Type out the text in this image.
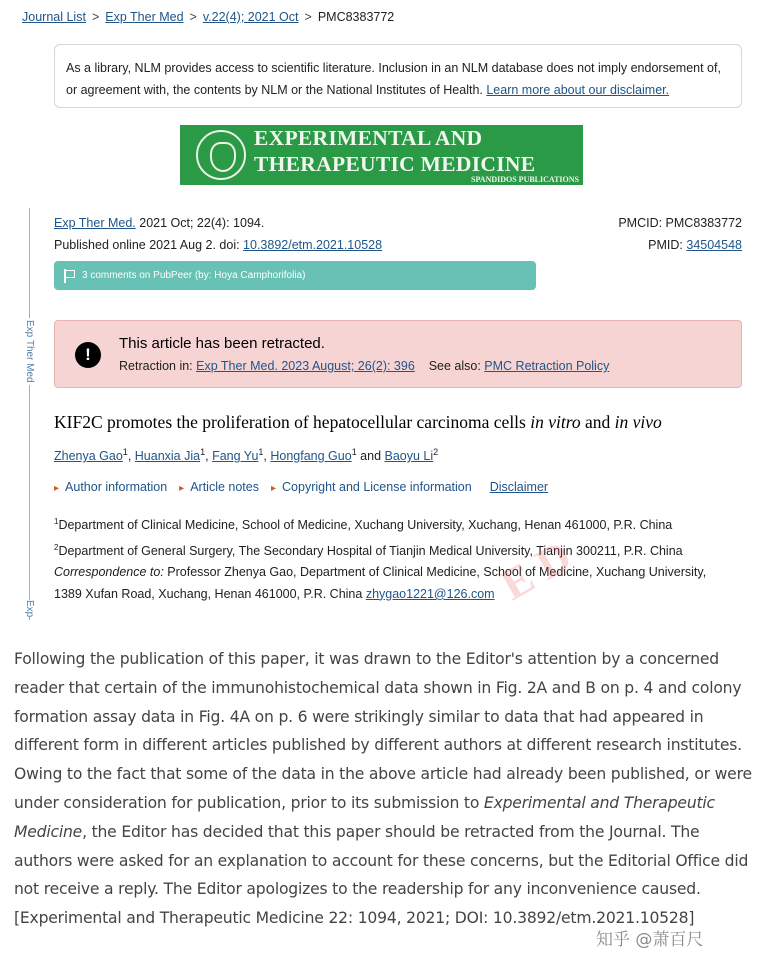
Journal List > Exp Ther Med > v.22(4); 2021 Oct > PMC8383772
As a library, NLM provides access to scientific literature. Inclusion in an NLM database does not imply endorsement of, or agreement with, the contents by NLM or the National Institutes of Health. Learn more about our disclaimer.
EXPERIMENTAL AND
THERAPEUTIC MEDICINE
SPANDIDOS PUBLICATIONS
Exp Ther Med
Exp
Exp Ther Med. 2021 Oct; 22(4): 1094.
Published online 2021 Aug 2. doi: 10.3892/etm.2021.10528
PMCID: PMC8383772
PMID: 34504548
3 comments on PubPeer (by: Hoya Camphorifolia)
!
This article has been retracted.
Retraction in: Exp Ther Med. 2023 August; 26(2): 396 See also: PMC Retraction Policy
KIF2C promotes the proliferation of hepatocellular carcinoma cells in vitro and in vivo
Zhenya Gao$^1$, Huanxia Jia$^1$, Fang Yu$^1$, Hongfang Guo$^1$ and Baoyu Li$^2$
▸ Author information	▸ Article notes	▸ Copyright and License information Disclaimer
$^1$Department of Clinical Medicine, School of Medicine, Xuchang University, Xuchang, Henan 461000, P.R. China
$^2$Department of General Surgery, The Secondary Hospital of Tianjin Medical University, Tianjin 300211, P.R. China
Correspondence to: Professor Zhenya Gao, Department of Clinical Medicine, School of Medicine, Xuchang University,
1389 Xufan Road, Xuchang, Henan 461000, P.R. China zhygao1221@126.com
E D
Following the publication of this paper, it was drawn to the Editor's attention by a concerned reader that certain of the immunohistochemical data shown in Fig. 2A and B on p. 4 and colony formation assay data in Fig. 4A on p. 6 were strikingly similar to data that had appeared in different form in different articles published by different authors at different research institutes. Owing to the fact that some of the data in the above article had already been published, or were under consideration for publication, prior to its submission to Experimental and Therapeutic Medicine, the Editor has decided that this paper should be retracted from the Journal. The authors were asked for an explanation to account for these concerns, but the Editorial Office did not receive a reply. The Editor apologizes to the readership for any inconvenience caused. [Experimental and Therapeutic Medicine 22: 1094, 2021; DOI: 10.3892/etm.2021.10528]
知乎 @萧百尺
